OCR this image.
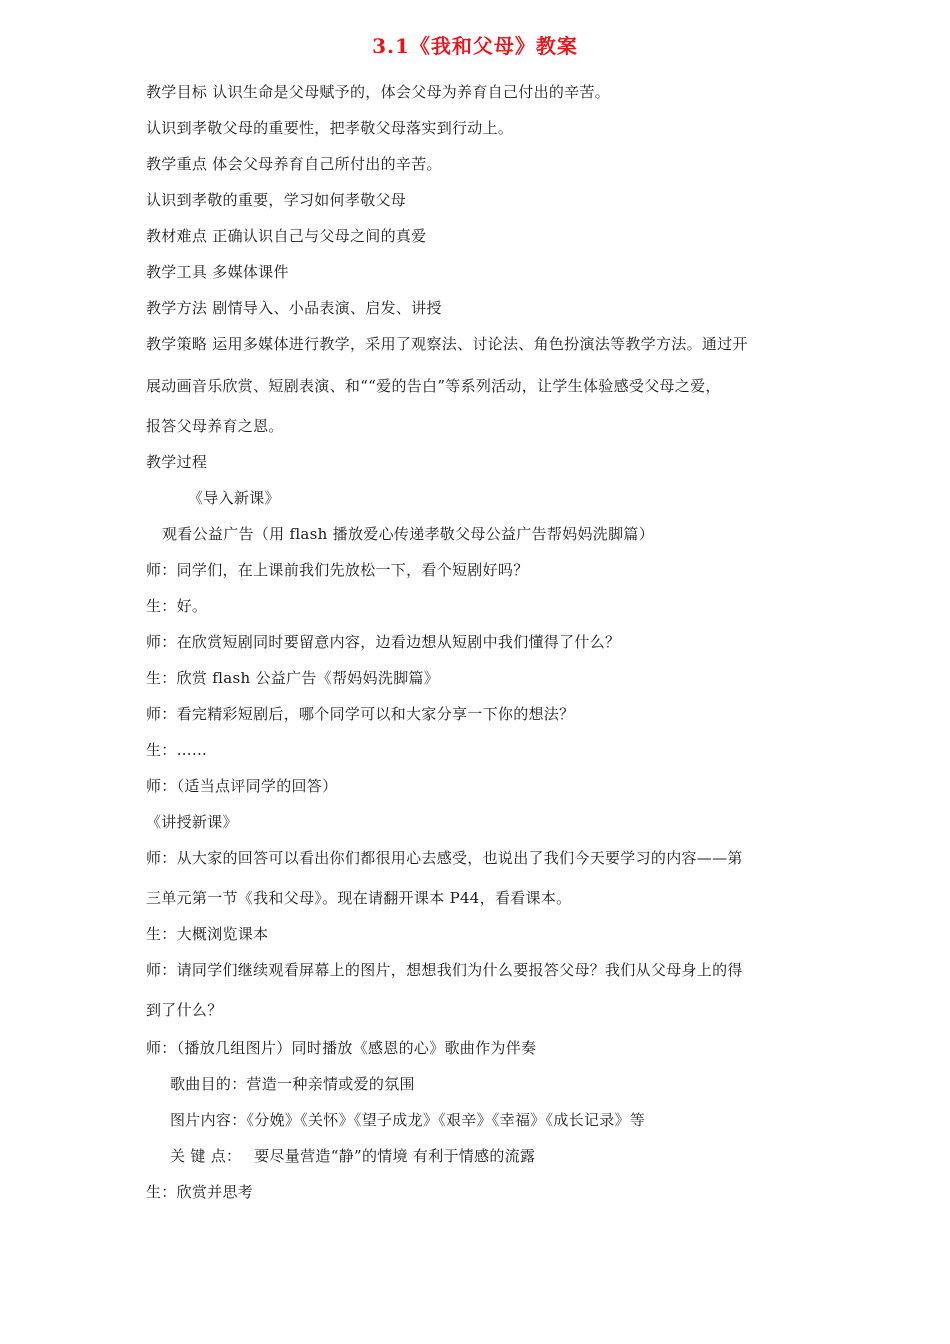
3.1《我和父母》教案
教学目标 认识生命是父母赋予的，体会父母为养育自己付出的辛苦。
认识到孝敬父母的重要性，把孝敬父母落实到行动上。
教学重点 体会父母养育自己所付出的辛苦。
认识到孝敬的重要，学习如何孝敬父母
教材难点 正确认识自己与父母之间的真爱
教学工具 多媒体课件
教学方法 剧情导入、小品表演、启发、讲授
教学策略 运用多媒体进行教学，采用了观察法、讨论法、角色扮演法等教学方法。通过开
展动画音乐欣赏、短剧表演、和““爱的告白”等系列活动，让学生体验感受父母之爱，
报答父母养育之恩。
教学过程
《导入新课》
观看公益广告（用 flash 播放爱心传递孝敬父母公益广告帮妈妈洗脚篇）
师：同学们，在上课前我们先放松一下，看个短剧好吗？
生：好。
师：在欣赏短剧同时要留意内容，边看边想从短剧中我们懂得了什么？
生：欣赏 flash 公益广告《帮妈妈洗脚篇》
师：看完精彩短剧后，哪个同学可以和大家分享一下你的想法？
生：……
师：（适当点评同学的回答）
《讲授新课》
师：从大家的回答可以看出你们都很用心去感受，也说出了我们今天要学习的内容——第
三单元第一节《我和父母》。现在请翻开课本 P44，看看课本。
生：大概浏览课本
师：请同学们继续观看屏幕上的图片，想想我们为什么要报答父母？我们从父母身上的得
到了什么？
师：（播放几组图片）同时播放《感恩的心》歌曲作为伴奏
歌曲目的：营造一种亲情或爱的氛围
图片内容：《分娩》《关怀》《望子成龙》《艰辛》《幸福》《成长记录》等
关 键 点：　 要尽量营造“静”的情境 有利于情感的流露
生：欣赏并思考
